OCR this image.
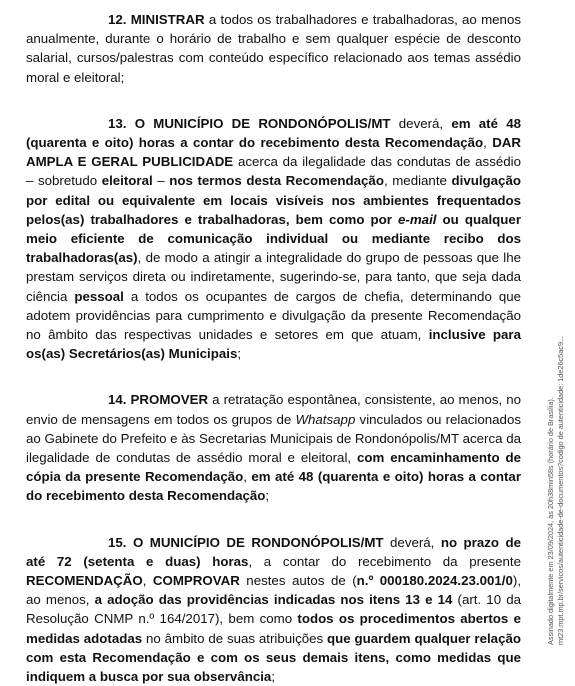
12. MINISTRAR a todos os trabalhadores e trabalhadoras, ao menos anualmente, durante o horário de trabalho e sem qualquer espécie de desconto salarial, cursos/palestras com conteúdo específico relacionado aos temas assédio moral e eleitoral;

13. O MUNICÍPIO DE RONDONÓPOLIS/MT deverá, em até 48 (quarenta e oito) horas a contar do recebimento desta Recomendação, DAR AMPLA E GERAL PUBLICIDADE acerca da ilegalidade das condutas de assédio – sobretudo eleitoral – nos termos desta Recomendação, mediante divulgação por edital ou equivalente em locais visíveis nos ambientes frequentados pelos(as) trabalhadores e trabalhadoras, bem como por e-mail ou qualquer meio eficiente de comunicação individual ou mediante recibo dos trabalhadoras(as), de modo a atingir a integralidade do grupo de pessoas que lhe prestam serviços direta ou indiretamente, sugerindo-se, para tanto, que seja dada ciência pessoal a todos os ocupantes de cargos de chefia, determinando que adotem providências para cumprimento e divulgação da presente Recomendação no âmbito das respectivas unidades e setores em que atuam, inclusive para os(as) Secretários(as) Municipais;

14. PROMOVER a retratação espontânea, consistente, ao menos, no envio de mensagens em todos os grupos de Whatsapp vinculados ou relacionados ao Gabinete do Prefeito e às Secretarias Municipais de Rondonópolis/MT acerca da ilegalidade de condutas de assédio moral e eleitoral, com encaminhamento de cópia da presente Recomendação, em até 48 (quarenta e oito) horas a contar do recebimento desta Recomendação;

15. O MUNICÍPIO DE RONDONÓPOLIS/MT deverá, no prazo de até 72 (setenta e duas) horas, a contar do recebimento da presente RECOMENDAÇÃO, COMPROVAR nestes autos de (n.º 000180.2024.23.001/0), ao menos, a adoção das providências indicadas nos itens 13 e 14 (art. 10 da Resolução CNMP n.º 164/2017), bem como todos os procedimentos abertos e medidas adotadas no âmbito de suas atribuições que guardem qualquer relação com esta Recomendação e com os seus demais itens, como medidas que indiquem a busca por sua observância;

Assinado digitalmente em 23/09/2024, às 20h38min58s (horário de Brasília). mt23.mpt.mp.br/servicos/autenticidade-de-documentos?codigo de autenticidade: 1de26c5ac9...
